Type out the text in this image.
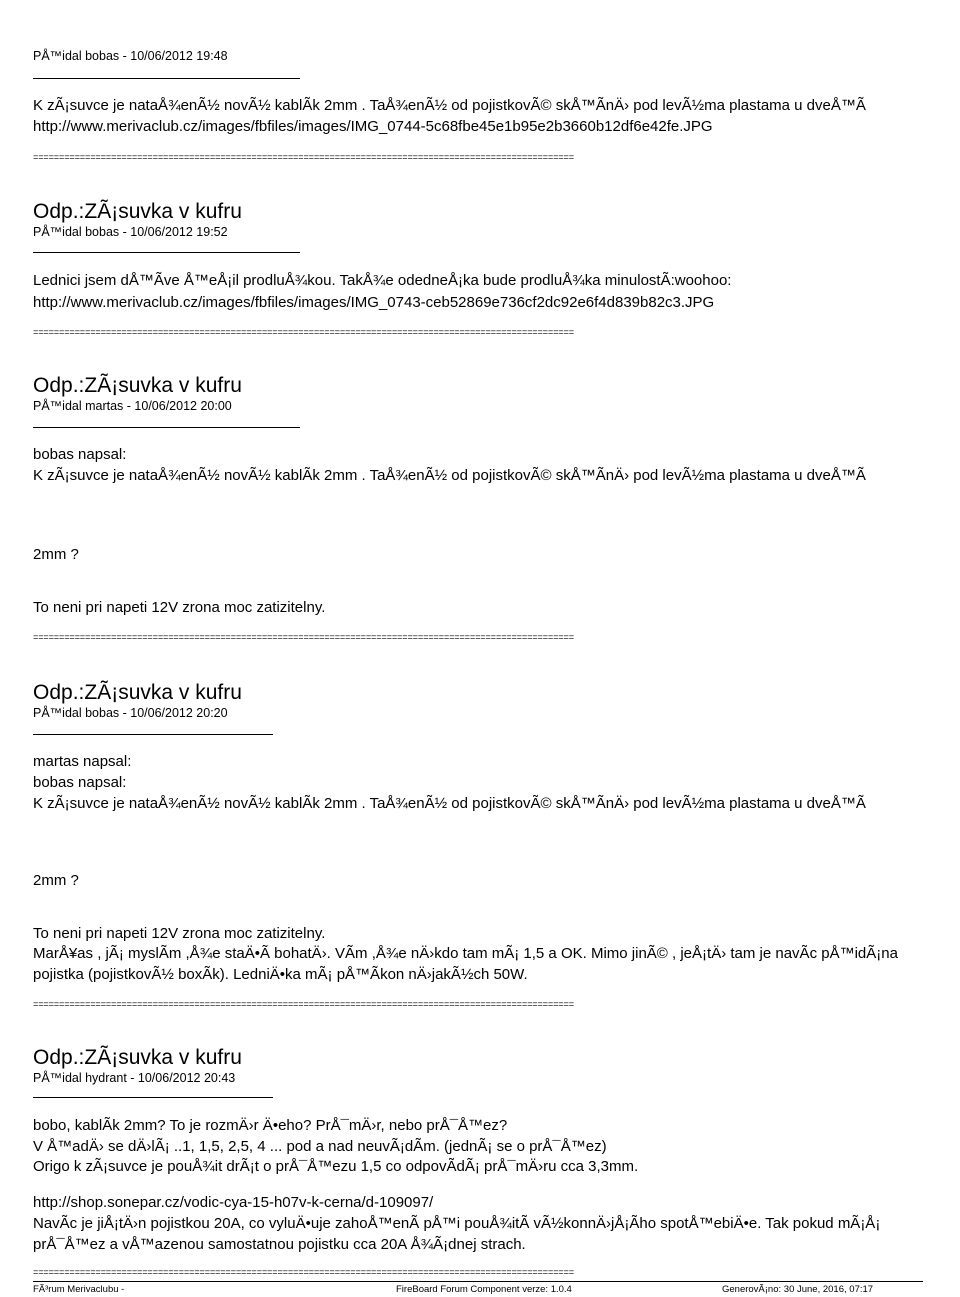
PÅ™idal bobas - 10/06/2012 19:48
K zÃ¡suvce je nataÅ¾enÃ½ novÃ½ kablÃk 2mm . TaÅ¾enÃ½ od pojistkovÃ© skÅ™ÃnÄ› pod levÃ½ma plastama u dveÅ™Ã
http://www.merivaclub.cz/images/fbfiles/images/IMG_0744-5c68fbe45e1b95e2b3660b12df6e42fe.JPG
========================================================================================================
Odp.:ZÃ¡suvka v kufru
PÅ™idal bobas - 10/06/2012 19:52
Lednici jsem dÅ™Ãve Å™eÅ¡il prodluÅ¾kou. TakÅ¾e odedneÅ¡ka bude prodluÅ¾ka minulostÃ:woohoo:
http://www.merivaclub.cz/images/fbfiles/images/IMG_0743-ceb52869e736cf2dc92e6f4d839b82c3.JPG
========================================================================================================
Odp.:ZÃ¡suvka v kufru
PÅ™idal martas - 10/06/2012 20:00
bobas napsal:
K zÃ¡suvce je nataÅ¾enÃ½ novÃ½ kablÃk 2mm . TaÅ¾enÃ½ od pojistkovÃ© skÅ™ÃnÄ› pod levÃ½ma plastama u dveÅ™Ã
2mm ?
To neni pri napeti 12V zrona moc zatizitelny.
========================================================================================================
Odp.:ZÃ¡suvka v kufru
PÅ™idal bobas - 10/06/2012 20:20
martas napsal:
bobas napsal:
K zÃ¡suvce je nataÅ¾enÃ½ novÃ½ kablÃk 2mm . TaÅ¾enÃ½ od pojistkovÃ© skÅ™ÃnÄ› pod levÃ½ma plastama u dveÅ™Ã
2mm ?
To neni pri napeti 12V zrona moc zatizitelny.
MarÅ¥as , jÃ¡ myslÃm ,Å¾e staÄ•Ã bohatÄ›. VÃm ,Å¾e nÄ›kdo tam mÃ¡ 1,5 a OK. Mimo jinÃ© , jeÅ¡tÄ› tam je navÃc pÅ™idÃ¡na
pojistka (pojistkovÃ½ boxÃk). LedniÄ•ka mÃ¡ pÅ™Ãkon nÄ›jakÃ½ch 50W.
========================================================================================================
Odp.:ZÃ¡suvka v kufru
PÅ™idal hydrant - 10/06/2012 20:43
bobo, kablÃk 2mm? To je rozmÄ›r Ä•eho? PrÅ¯mÄ›r, nebo prÅ¯Å™ez?
V Å™adÄ› se dÄ›lÃ¡ ..1, 1,5, 2,5, 4 ... pod a nad neuvÃ¡dÃm. (jednÃ¡ se o prÅ¯Å™ez)
Origo k zÃ¡suvce je pouÅ¾it drÃ¡t o prÅ¯Å™ezu 1,5 co odpovÃdÃ¡ prÅ¯mÄ›ru cca 3,3mm.
http://shop.sonepar.cz/vodic-cya-15-h07v-k-cerna/d-109097/
NavÃc je jiÅ¡tÄ›n pojistkou 20A, co vyluÄ•uje zahoÅ™enÃ pÅ™i pouÅ¾itÃ vÃ½konnÄ›jÅ¡Ãho spotÅ™ebiÄ•e. Tak pokud mÃ¡Å¡
prÅ¯Å™ez a vÅ™azenou samostatnou pojistku cca 20A Å¾Ã¡dnej strach.
========================================================================================================
FÃ³rum Merivaclubu -	FireBoard Forum Component verze: 1.0.4	GenerovÃ¡no: 30 June, 2016, 07:17
